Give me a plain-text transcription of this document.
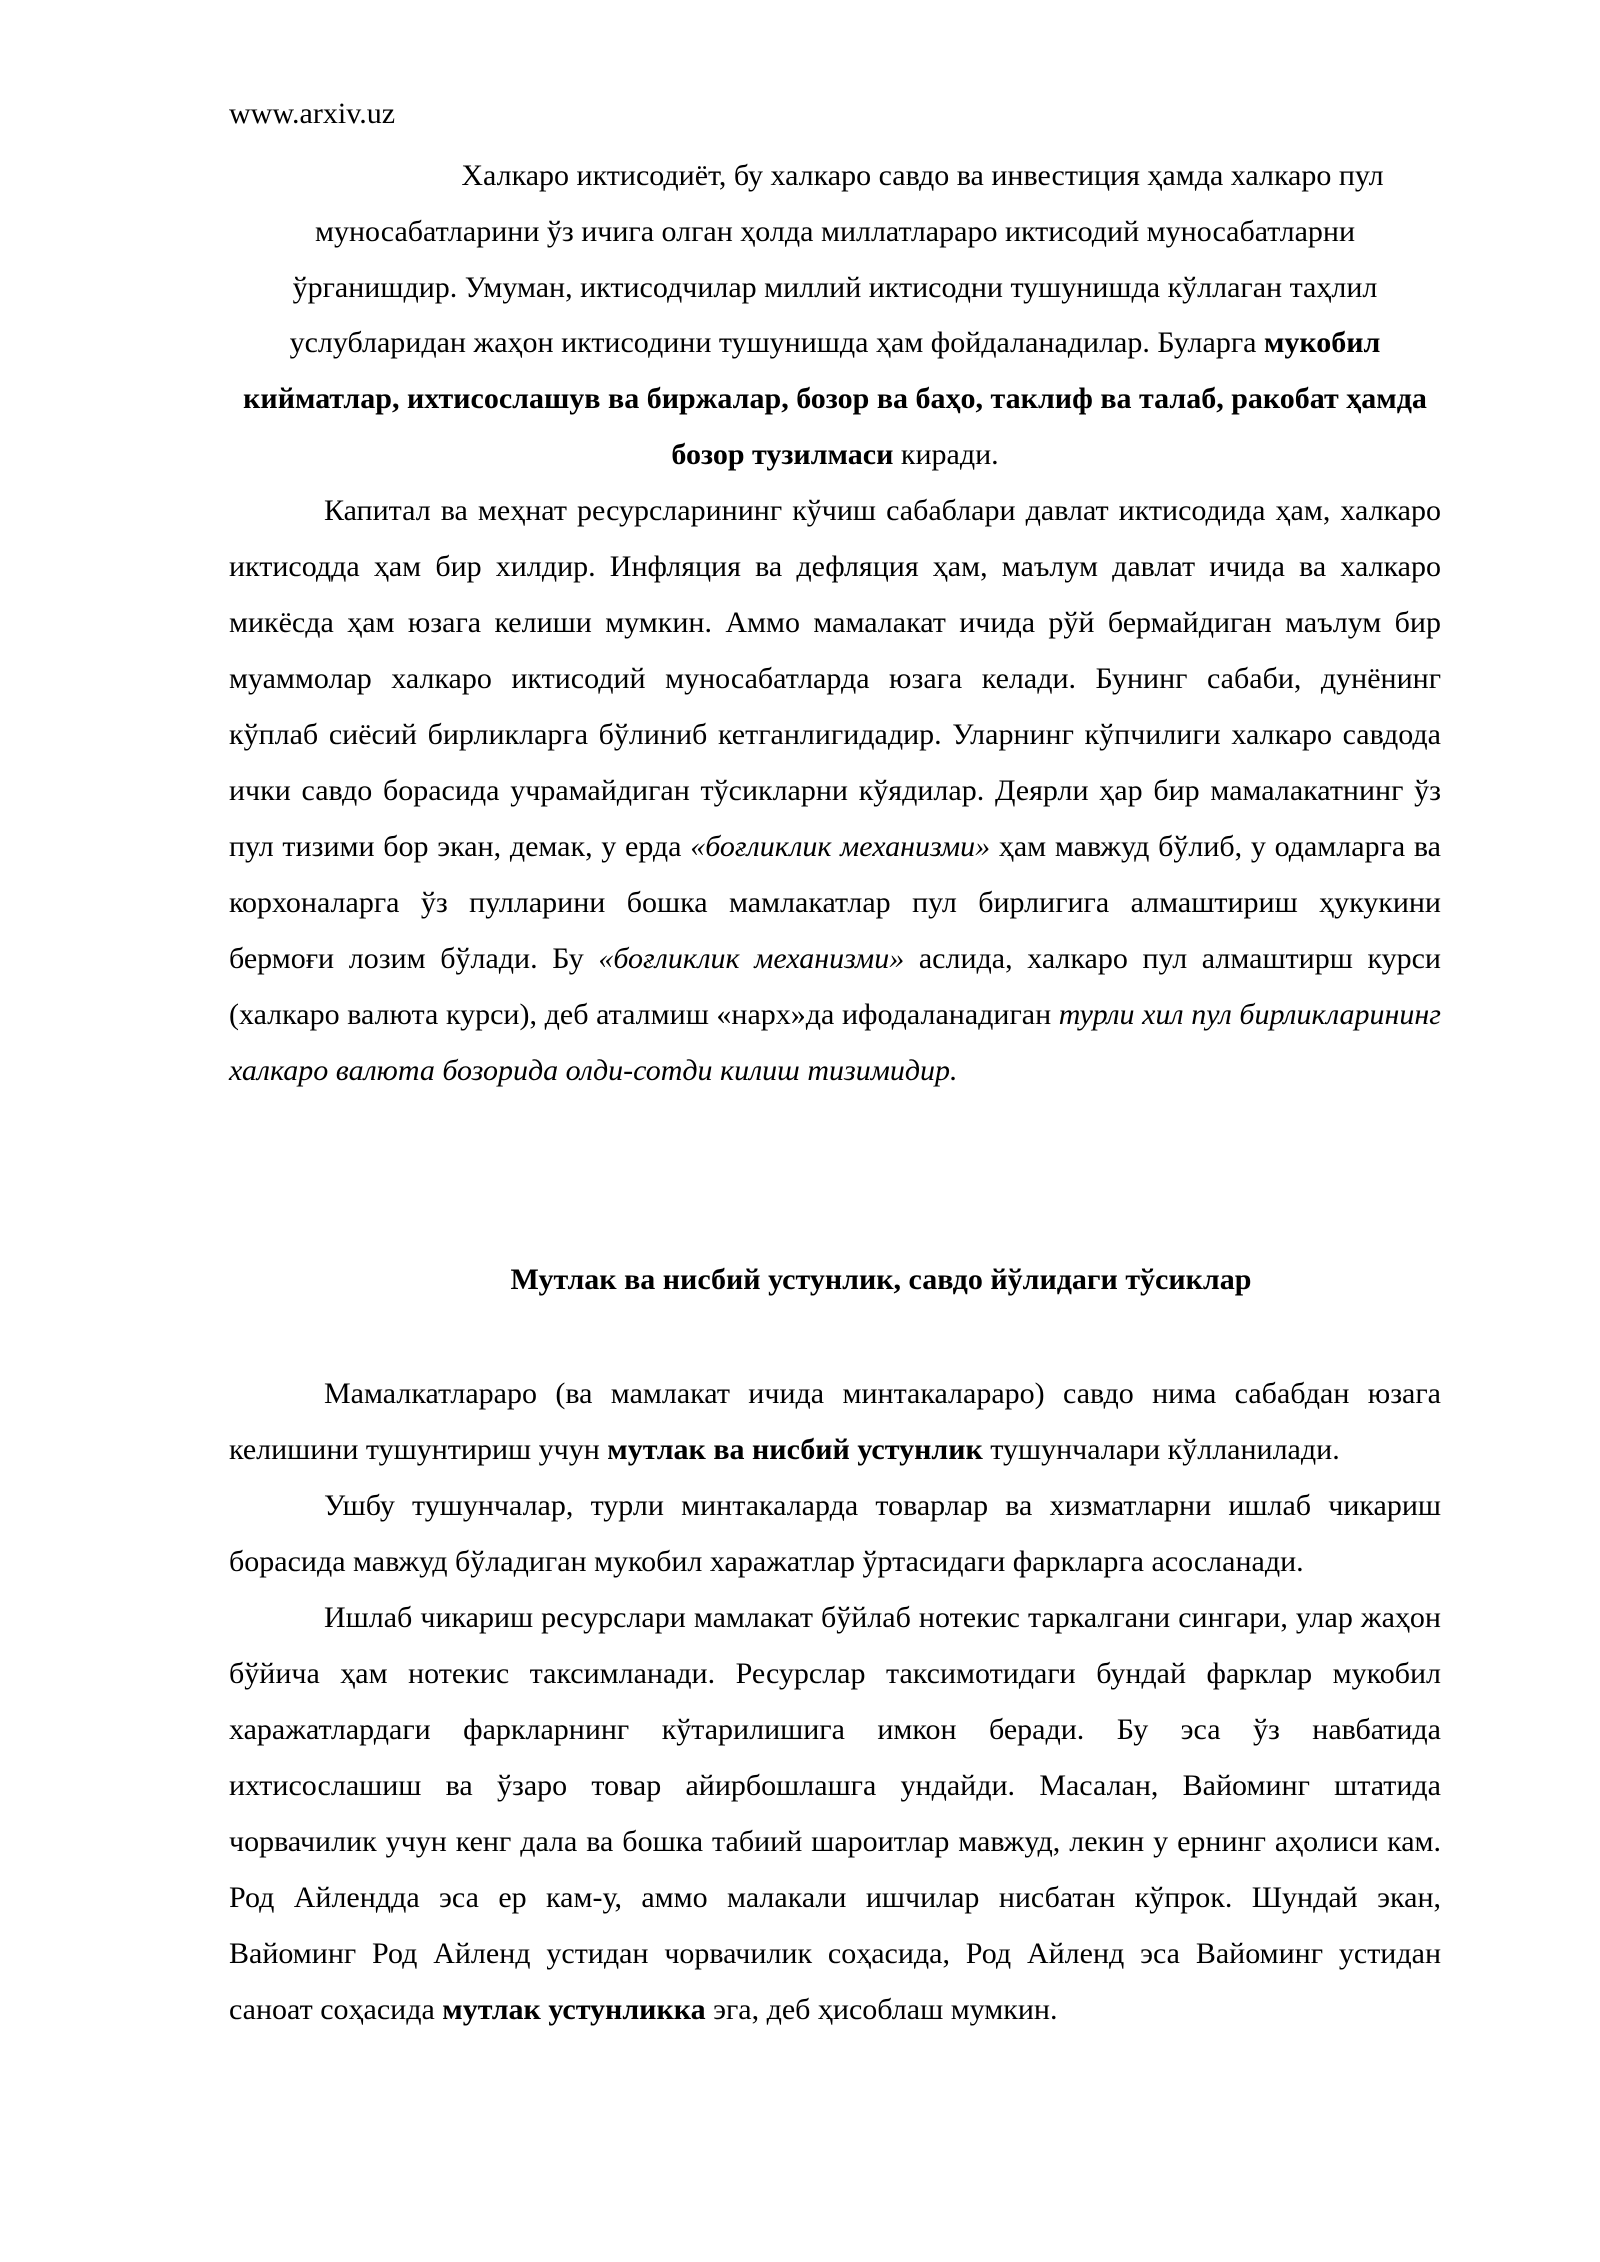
www.arxiv.uz
Халкаро иктисодиёт, бу халкаро савдо ва инвестиция ҳамда халкаро пул муносабатларини ўз ичига олган ҳолда миллатлараро иктисодий муносабатларни ўрганишдир. Умуман, иктисодчилар миллий иктисодни тушунишда кўллаган таҳлил услубларидан жаҳон иктисодини тушунишда ҳам фойдаланадилар. Буларга мукобил кийматлар, ихтисослашув ва биржалар, бозор ва баҳо, таклиф ва талаб, ракобат ҳамда бозор тузилмаси киради.

Капитал ва меҳнат ресурсларининг кўчиш сабаблари давлат иктисодида ҳам, халкаро иктисодда ҳам бир хилдир. Инфляция ва дефляция ҳам, маълум давлат ичида ва халкаро микёсда ҳам юзага келиши мумкин. Аммо мамалакат ичида рўй бермайдиган маълум бир муаммолар халкаро иктисодий муносабатларда юзага келади. Бунинг сабаби, дунёнинг кўплаб сиёсий бирликларга бўлиниб кетганлигидадир. Уларнинг кўпчилиги халкаро савдода ички савдо борасида учрамайдиган тўсикларни кўядилар. Деярли ҳар бир мамалакатнинг ўз пул тизими бор экан, демак, у ерда «боғликлик механизми» ҳам мавжуд бўлиб, у одамларга ва корхоналарга ўз пулларини бошка мамлакатлар пул бирлигига алмаштириш ҳукукини бермоғи лозим бўлади. Бу «боғликлик механизми» аслида, халкаро пул алмаштирш курси (халкаро валюта курси), деб аталмиш «нарх»да ифодаланадиган турли хил пул бирликларининг халкаро валюта бозорида олди-сотди килиш тизимидир.

Мутлак ва нисбий устунлик, савдо йўлидаги тўсиклар

Мамалкатлараро (ва мамлакат ичида минтакалараро) савдо нима сабабдан юзага келишини тушунтириш учун мутлак ва нисбий устунлик тушунчалари кўлланилади.

Ушбу тушунчалар, турли минтакаларда товарлар ва хизматларни ишлаб чикариш борасида мавжуд бўладиган мукобил харажатлар ўртасидаги фаркларга асосланади.

Ишлаб чикариш ресурслари мамлакат бўйлаб нотекис таркалгани сингари, улар жаҳон бўйича ҳам нотекис таксимланади. Ресурслар таксимотидаги бундай фарклар мукобил харажатлардаги фаркларнинг кўтарилишига имкон беради. Бу эса ўз навбатида ихтисослашиш ва ўзаро товар айирбошлашга ундайди. Масалан, Вайоминг штатида чорвачилик учун кенг дала ва бошка табиий шароитлар мавжуд, лекин у ернинг аҳолиси кам. Род Айлендда эса ер кам-у, аммо малакали ишчилар нисбатан кўпрок. Шундай экан, Вайоминг Род Айленд устидан чорвачилик соҳасида, Род Айленд эса Вайоминг устидан саноат соҳасида мутлак устунликка эга, деб ҳисоблаш мумкин.
